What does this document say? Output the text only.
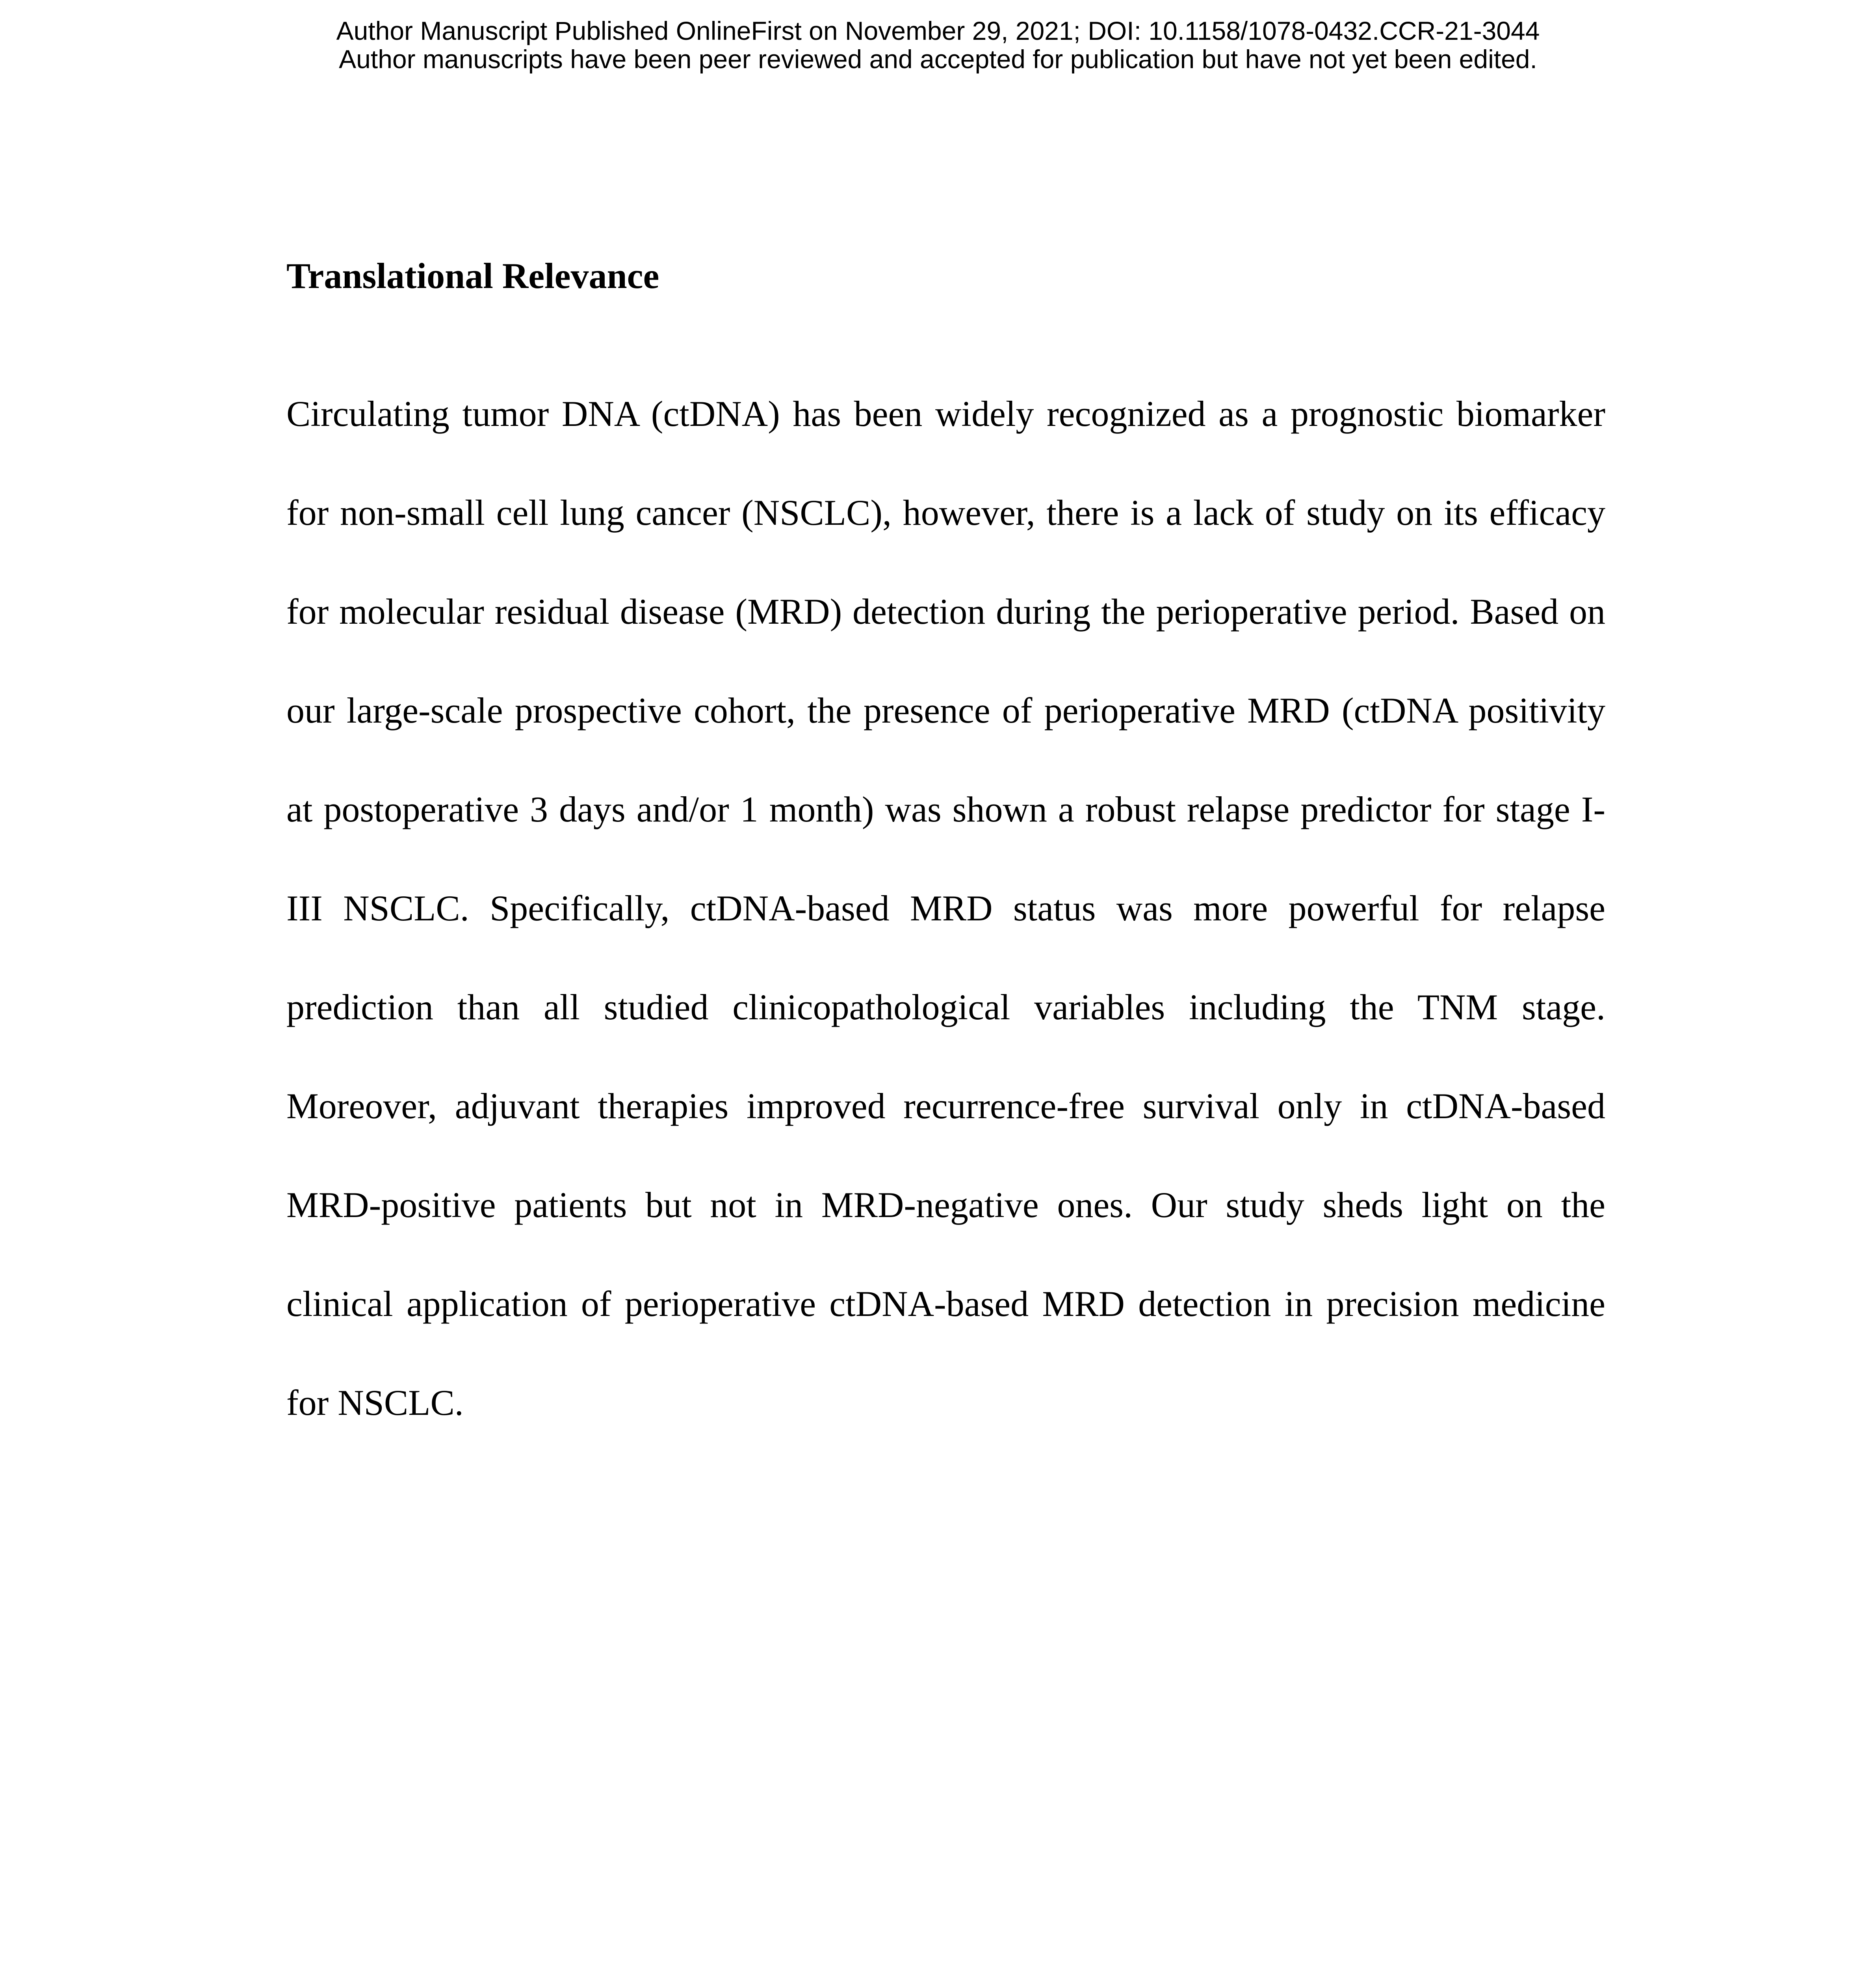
Author Manuscript Published OnlineFirst on November 29, 2021; DOI: 10.1158/1078-0432.CCR-21-3044
Author manuscripts have been peer reviewed and accepted for publication but have not yet been edited.
Translational Relevance

Circulating tumor DNA (ctDNA) has been widely recognized as a prognostic biomarker for non-small cell lung cancer (NSCLC), however, there is a lack of study on its efficacy for molecular residual disease (MRD) detection during the perioperative period. Based on our large-scale prospective cohort, the presence of perioperative MRD (ctDNA positivity at postoperative 3 days and/or 1 month) was shown a robust relapse predictor for stage I-III NSCLC. Specifically, ctDNA-based MRD status was more powerful for relapse prediction than all studied clinicopathological variables including the TNM stage. Moreover, adjuvant therapies improved recurrence-free survival only in ctDNA-based MRD-positive patients but not in MRD-negative ones. Our study sheds light on the clinical application of perioperative ctDNA-based MRD detection in precision medicine for NSCLC.
